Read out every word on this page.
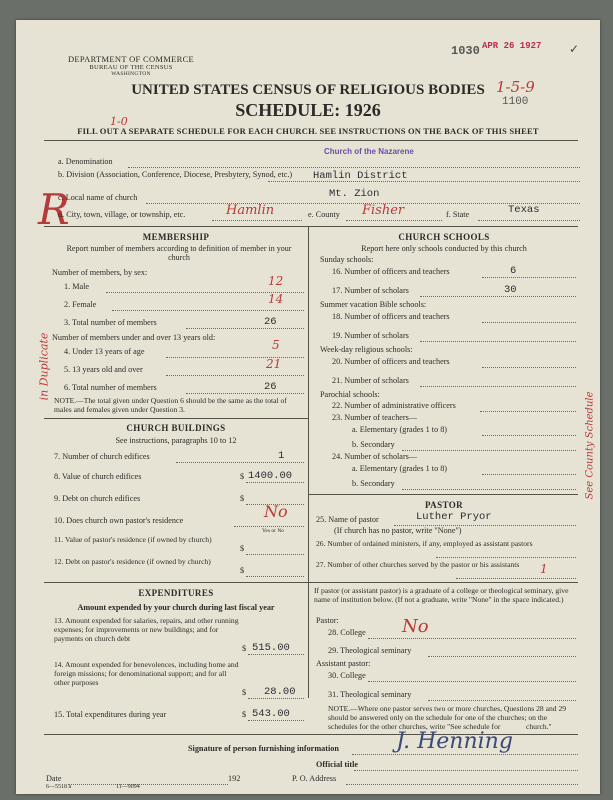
DEPARTMENT OF COMMERCE
BUREAU OF THE CENSUS
WASHINGTON
1030 APR 26 1927 ✓
1-5-9
1100
UNITED STATES CENSUS OF RELIGIOUS BODIES
SCHEDULE: 1926
1-0
FILL OUT A SEPARATE SCHEDULE FOR EACH CHURCH. SEE INSTRUCTIONS ON THE BACK OF THIS SHEET
R
in Duplicate
See County Schedule
a. Denomination
Church of the Nazarene
b. Division (Association, Conference, Diocese, Presbytery, Synod, etc.) Hamlin District
c. Local name of church	Mt. Zion
d. City, town, village, or township, etc.	Hamlin	e. County Fisher	f. State	Texas
MEMBERSHIP
Report number of members according to definition of member in your church
Number of members, by sex:
1. Male	12
2. Female	14
3. Total number of members	26
Number of members under and over 13 years old:
4. Under 13 years of age	5
5. 13 years old and over	21
6. Total number of members	26
NOTE.—The total given under Question 6 should be the same as the total of males and females given under Question 3.
CHURCH BUILDINGS
See instructions, paragraphs 10 to 12
7. Number of church edifices	1
8. Value of church edifices	$ 1400.00
9. Debt on church edifices	$
10. Does church own pastor's residence	No
Yes or No
11. Value of pastor's residence (if owned by church)
$
12. Debt on pastor's residence (if owned by church)
$
EXPENDITURES
Amount expended by your church during last fiscal year
13. Amount expended for salaries, repairs, and other running expenses; for improvements or new buildings; and for payments on church debt
$ 515.00
14. Amount expended for benevolences, including home and foreign missions; for denominational support; and for all other purposes
$ 28.00
15. Total expenditures during year	$ 543.00
CHURCH SCHOOLS
Report here only schools conducted by this church
Sunday schools:
16. Number of officers and teachers	6
17. Number of scholars	30
Summer vacation Bible schools:
18. Number of officers and teachers
19. Number of scholars
Week-day religious schools:
20. Number of officers and teachers
21. Number of scholars
Parochial schools:
22. Number of administrative officers
23. Number of teachers—
a. Elementary (grades 1 to 8)
b. Secondary
24. Number of scholars—
a. Elementary (grades 1 to 8)
b. Secondary
PASTOR
25. Name of pastor	Luther Pryor
(If church has no pastor, write "None")
26. Number of ordained ministers, if any, employed as assistant pastors
27. Number of other churches served by the pastor or his assistants	1
If pastor (or assistant pastor) is a graduate of a college or theological seminary, give name of institution below. (If not a graduate, write "None" in the space indicated.)
Pastor:
28. College No
29. Theological seminary
Assistant pastor:
30. College
31. Theological seminary
NOTE.—Where one pastor serves two or more churches, Questions 28 and 29 should be answered only on the schedule for one of the churches; on the schedules for the other churches, write "See schedule for	church."
Signature of person furnishing information	J. Henning
Official title
Date	192	P. O. Address
6—5518 a	11—9094
